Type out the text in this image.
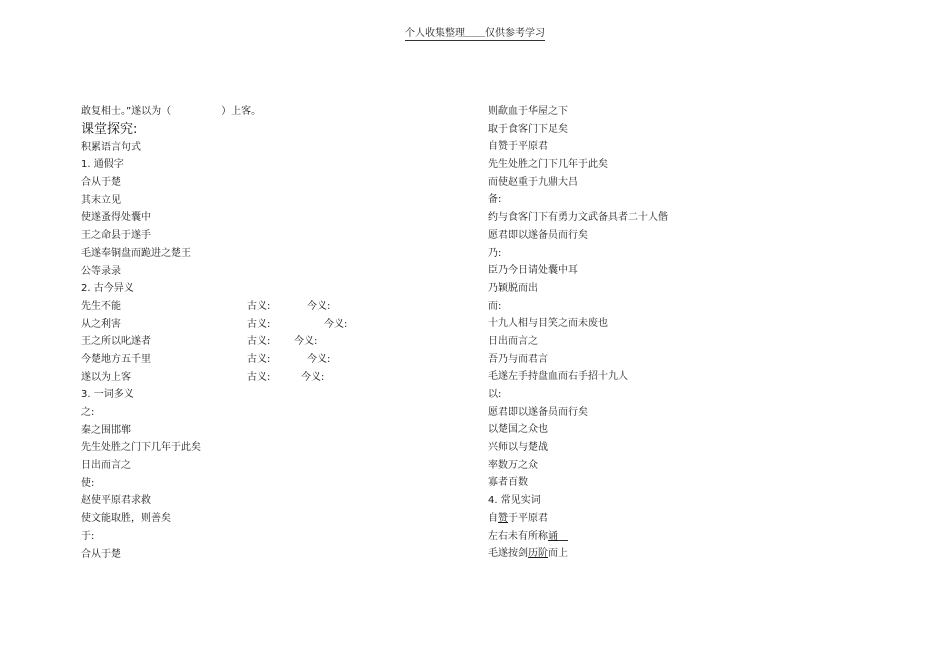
个人收集整理＿＿仅供参考学习
敢复相士。”遂以为（	）上客。
课堂探究:
积累语言句式
1. 通假字
合从于楚
其末立见
使遂蚤得处囊中
王之命县于遂手
毛遂奉铜盘而跪进之楚王
公等录录
2. 古今异义
先生不能	古义:	今义:
从之利害	古义:	今义:
王之所以叱遂者	古义: 今义:
今楚地方五千里	古义:	今义:
遂以为上客	古义:	今义:
3. 一词多义
之:
秦之围邯郸
先生处胜之门下几年于此矣
日出而言之
使:
赵使平原君求救
使文能取胜，则善矣
于:
合从于楚
则歃血于华屋之下
取于食客门下足矣
自赞于平原君
先生处胜之门下几年于此矣
而使赵重于九鼎大吕
备:
约与食客门下有勇力文武备具者二十人偕
愿君即以遂备员而行矣
乃:
臣乃今日请处囊中耳
乃颖脱而出
而:
十九人相与目笑之而未废也
日出而言之
吾乃与而君言
毛遂左手持盘血而右手招十九人
以:
愿君即以遂备员而行矣
以楚国之众也
兴师以与楚战
率数万之众
寡者百数
4. 常见实词
自赞于平原君
左右未有所称诵
毛遂按剑历阶而上
